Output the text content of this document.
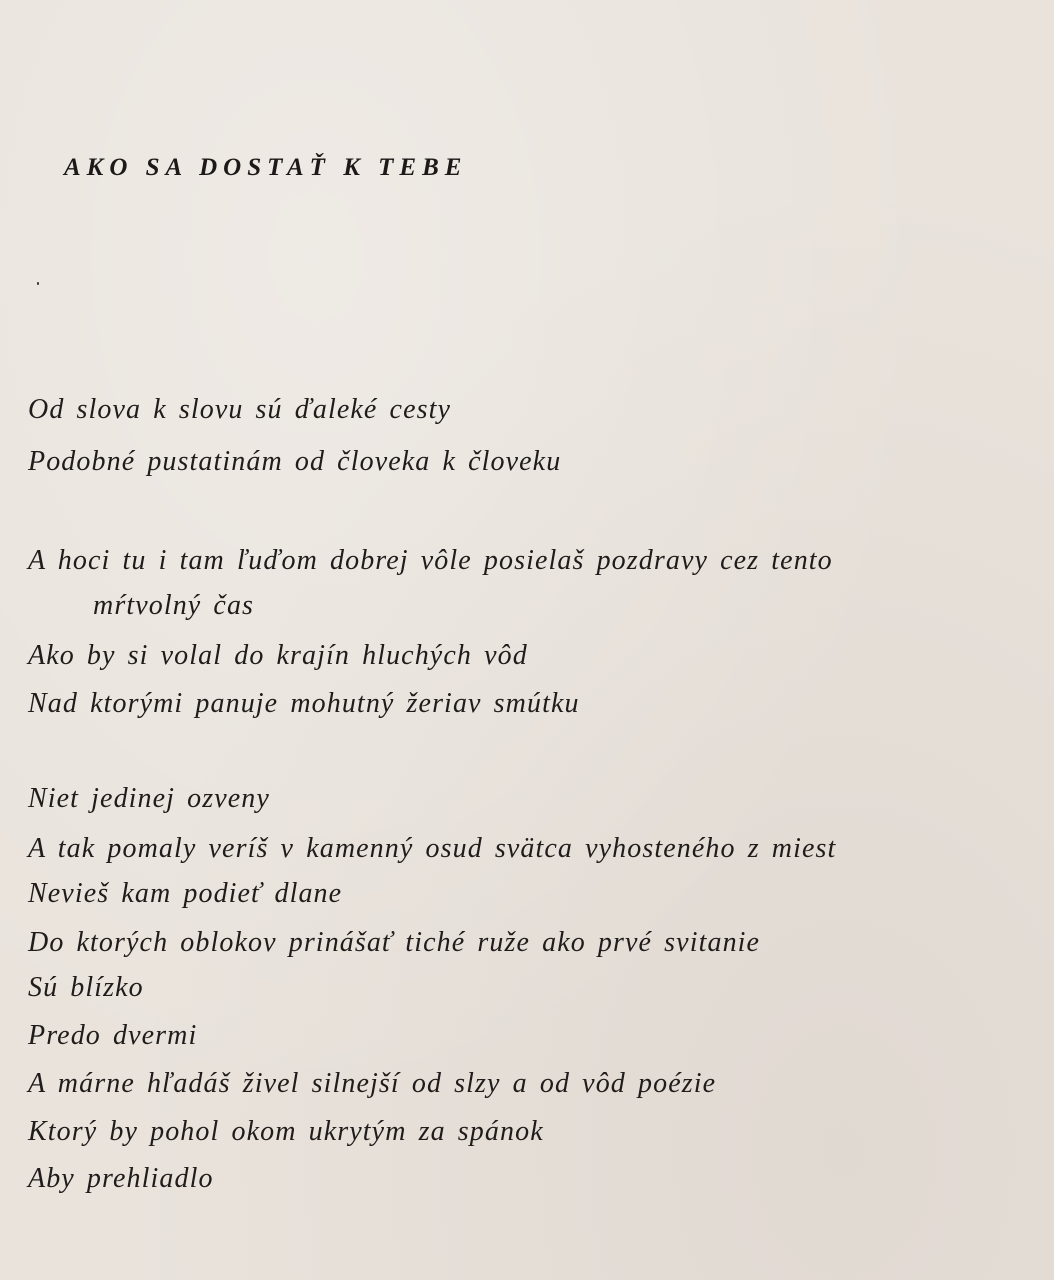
AKO SA DOSTAŤ K TEBE
Od slova k slovu sú ďaleké cesty
Podobné pustatinám od človeka k človeku
A hoci tu i tam ľuďom dobrej vôle posielaš pozdravy cez tento
mŕtvolný čas
Ako by si volal do krajín hluchých vôd
Nad ktorými panuje mohutný žeriav smútku
Niet jedinej ozveny
A tak pomaly veríš v kamenný osud svätca vyhosteného z miest
Nevieš kam podieť dlane
Do ktorých oblokov prinášať tiché ruže ako prvé svitanie
Sú blízko
Predo dvermi
A márne hľadáš živel silnejší od slzy a od vôd poézie
Ktorý by pohol okom ukrytým za spánok
Aby prehliadlo
